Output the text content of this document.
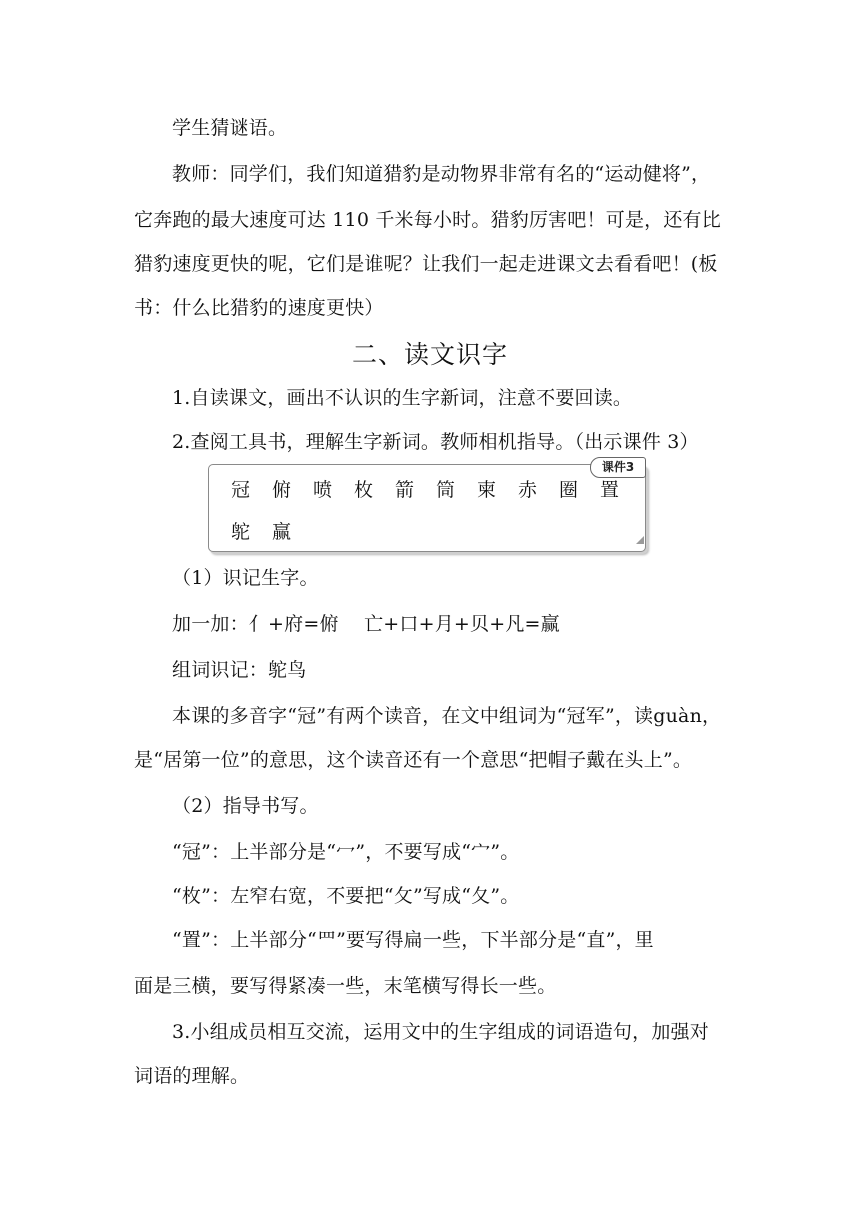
学生猜谜语。
教师：同学们，我们知道猎豹是动物界非常有名的“运动健将”，
它奔跑的最大速度可达 110 千米每小时。猎豹厉害吧！可是，还有比
猎豹速度更快的呢，它们是谁呢？让我们一起走进课文去看看吧！(板
书：什么比猎豹的速度更快）
二、读文识字
1.自读课文，画出不认识的生字新词，注意不要回读。
2.查阅工具书，理解生字新词。教师相机指导。（出示课件 3）
冠 俯 喷 枚 箭 筒 柬 赤 圈 置
鸵 赢
课件3
（1）识记生字。
加一加：亻+府=俯　 亡+口+月+贝+凡=赢
组词识记：鸵鸟
本课的多音字“冠”有两个读音，在文中组词为“冠军”，读guàn，
是“居第一位”的意思，这个读音还有一个意思“把帽子戴在头上”。
（2）指导书写。
“冠”：上半部分是“冖”，不要写成“宀”。
“枚”：左窄右宽，不要把“攵”写成“夂”。
“置”：上半部分“罒”要写得扁一些，下半部分是“直”，里
面是三横，要写得紧凑一些，末笔横写得长一些。
3.小组成员相互交流，运用文中的生字组成的词语造句，加强对
词语的理解。
